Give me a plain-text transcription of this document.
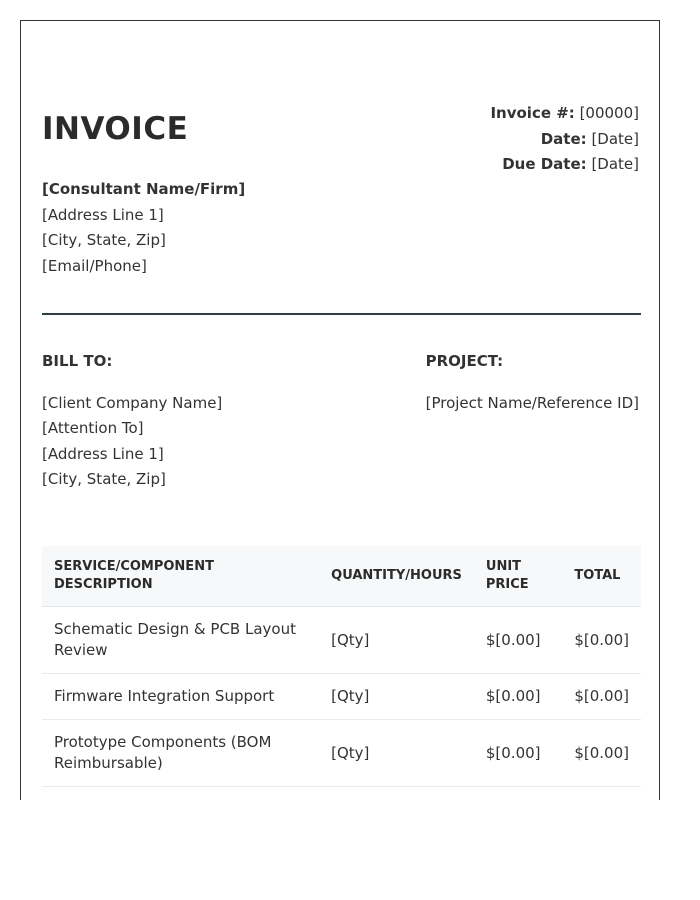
INVOICE	Invoice #: [00000]
Date: [Date]
Due Date: [Date]
[Consultant Name/Firm]
[Address Line 1]
[City, State, Zip]
[Email/Phone]
BILL TO:
[Client Company Name]
[Attention To]
[Address Line 1]
[City, State, Zip]
PROJECT:
[Project Name/Reference ID]
SERVICE/COMPONENT DESCRIPTION	QUANTITY/HOURS	UNIT PRICE	TOTAL
Schematic Design & PCB Layout Review	[Qty]	$[0.00]	$[0.00]
Firmware Integration Support	[Qty]	$[0.00]	$[0.00]
Prototype Components (BOM Reimbursable)	[Qty]	$[0.00]	$[0.00]
